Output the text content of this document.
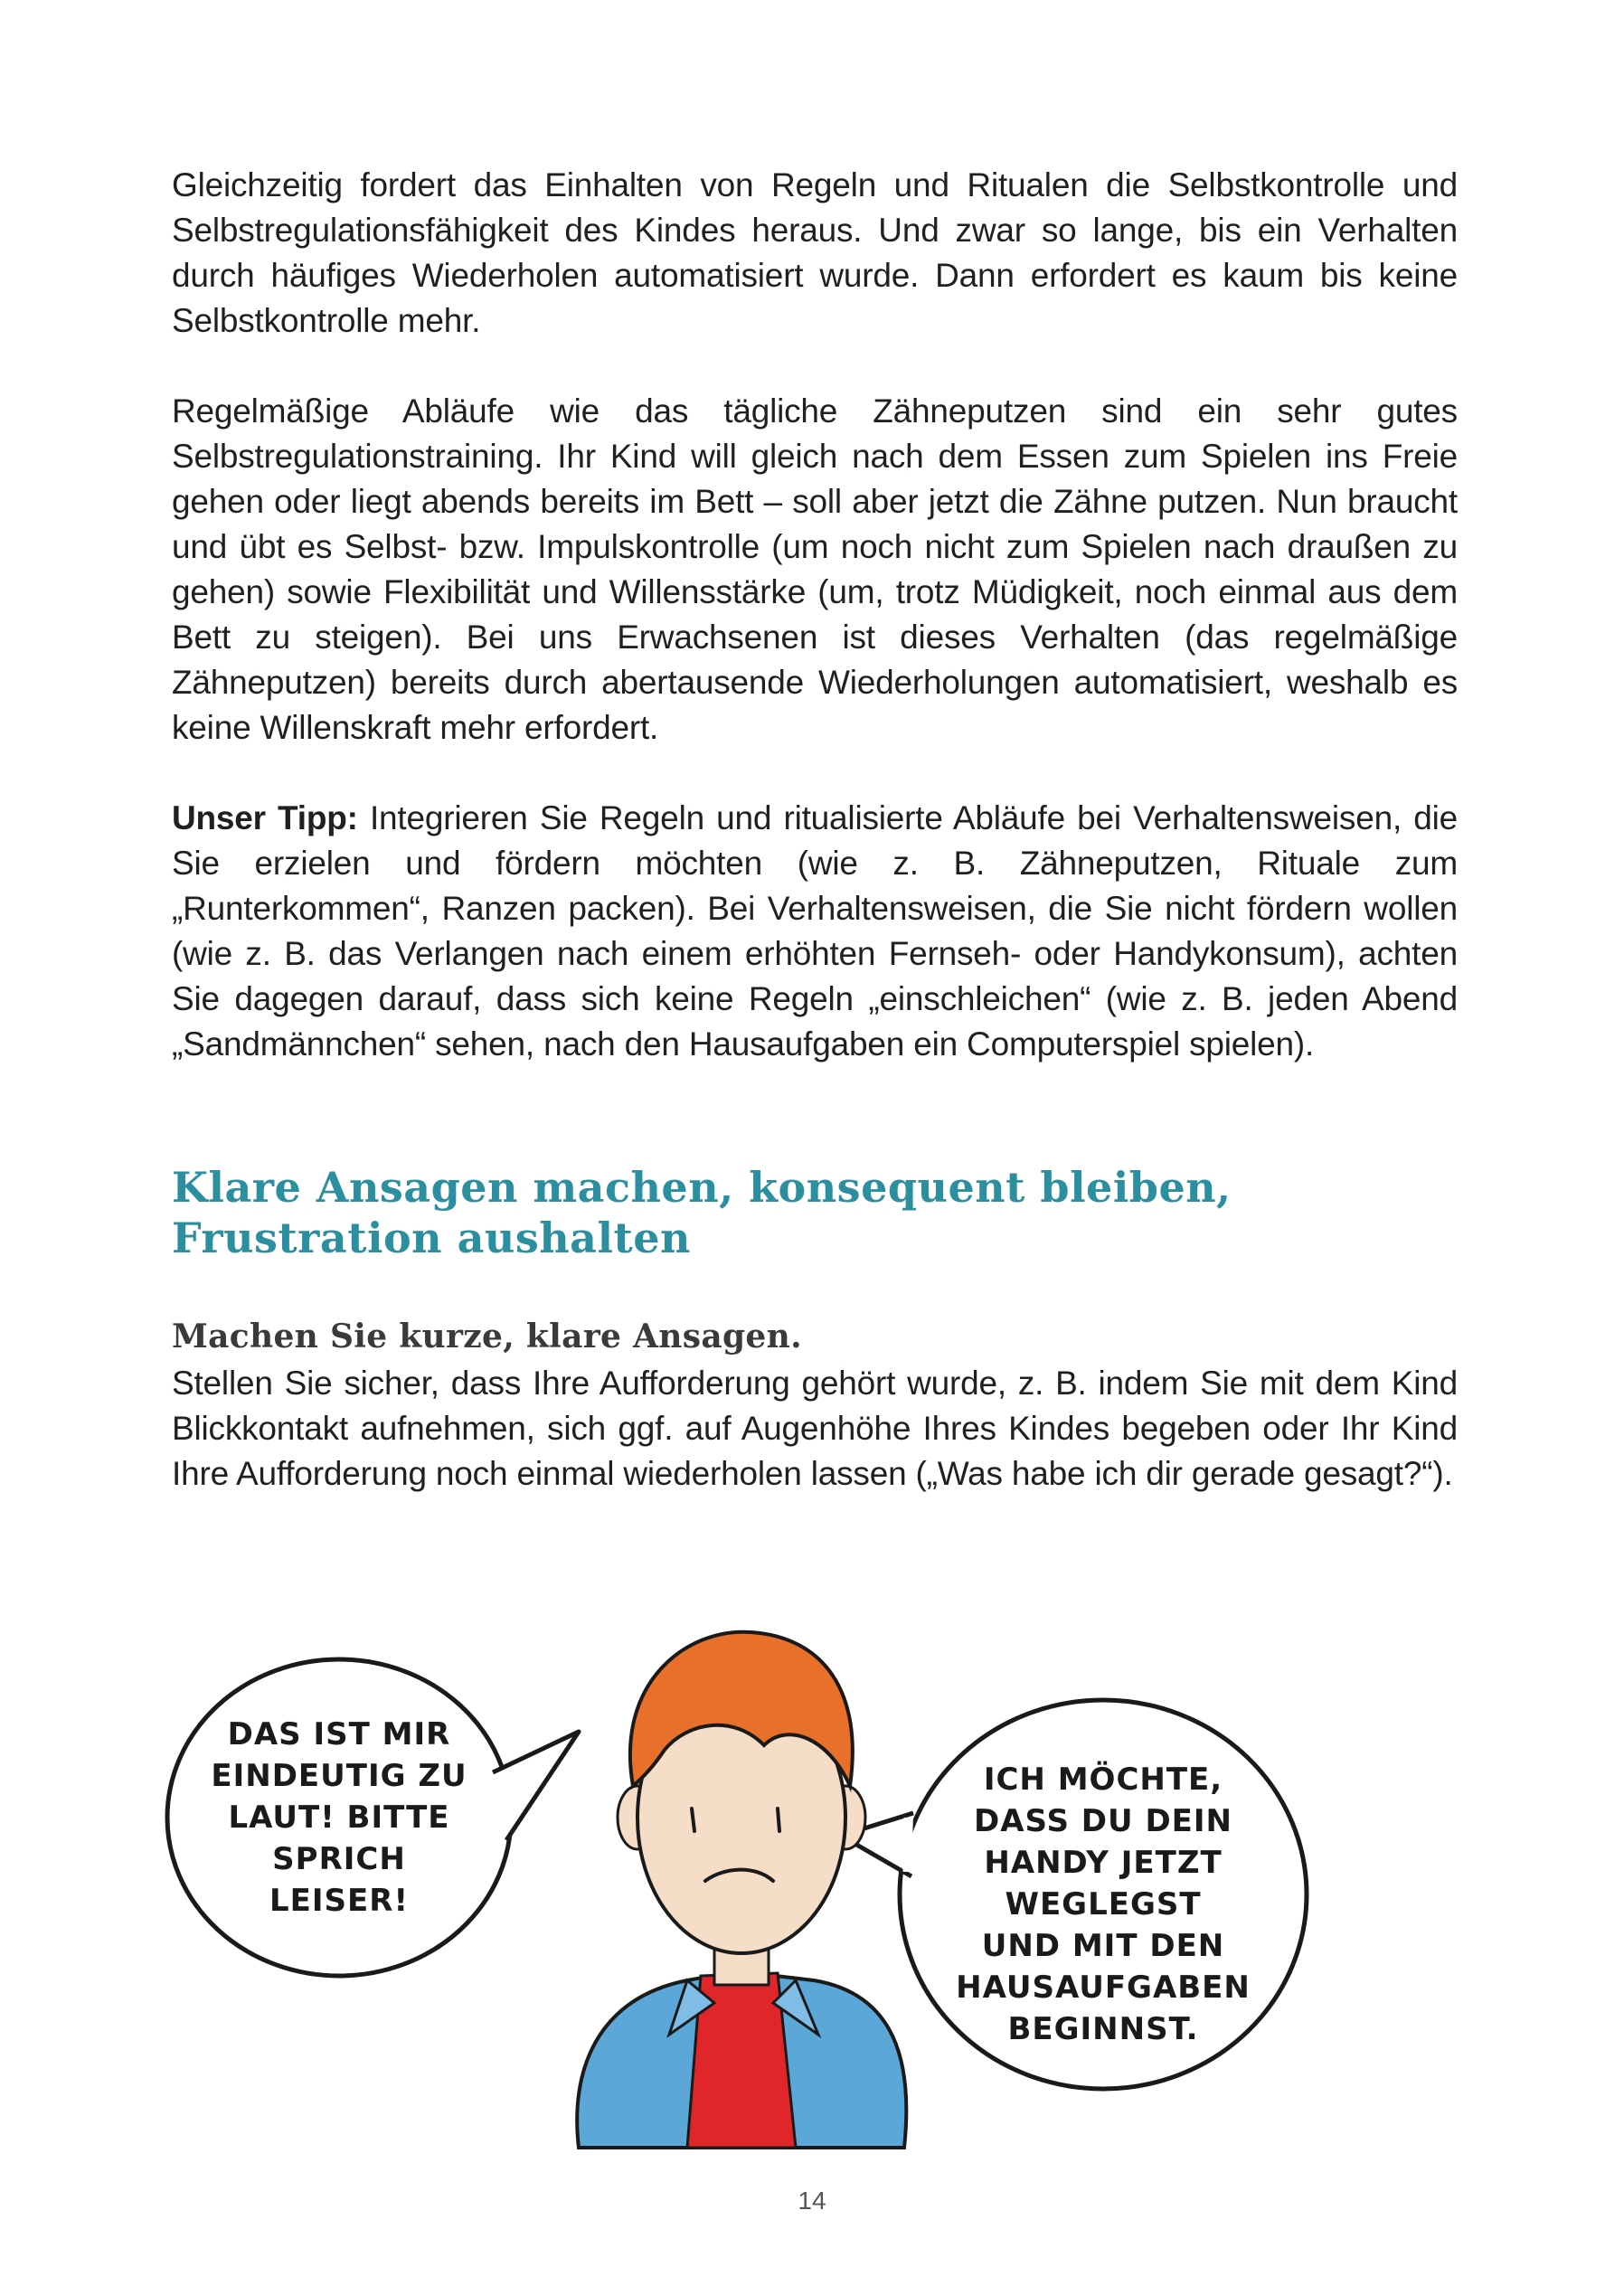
Gleichzeitig fordert das Einhalten von Regeln und Ritualen die Selbstkontrolle und Selbstregulationsfähigkeit des Kindes heraus. Und zwar so lange, bis ein Verhalten durch häufiges Wiederholen automatisiert wurde. Dann erfordert es kaum bis keine Selbstkontrolle mehr.

Regelmäßige Abläufe wie das tägliche Zähneputzen sind ein sehr gutes Selbstregulationstraining. Ihr Kind will gleich nach dem Essen zum Spielen ins Freie gehen oder liegt abends bereits im Bett – soll aber jetzt die Zähne putzen. Nun braucht und übt es Selbst- bzw. Impulskontrolle (um noch nicht zum Spielen nach draußen zu gehen) sowie Flexibilität und Willensstärke (um, trotz Müdigkeit, noch einmal aus dem Bett zu steigen). Bei uns Erwachsenen ist dieses Verhalten (das regelmäßige Zähneputzen) bereits durch abertausende Wiederholungen automatisiert, weshalb es keine Willenskraft mehr erfordert.

Unser Tipp: Integrieren Sie Regeln und ritualisierte Abläufe bei Verhaltensweisen, die Sie erzielen und fördern möchten (wie z. B. Zähneputzen, Rituale zum „Runterkommen“, Ranzen packen). Bei Verhaltensweisen, die Sie nicht fördern wollen (wie z. B. das Verlangen nach einem erhöhten Fernseh- oder Handykonsum), achten Sie dagegen darauf, dass sich keine Regeln „einschleichen“ (wie z. B. jeden Abend „Sandmännchen“ sehen, nach den Hausaufgaben ein Computerspiel spielen).

Klare Ansagen machen, konsequent bleiben,
Frustration aushalten
Machen Sie kurze, klare Ansagen.

Stellen Sie sicher, dass Ihre Aufforderung gehört wurde, z. B. indem Sie mit dem Kind Blickkontakt aufnehmen, sich ggf. auf Augenhöhe Ihres Kindes begeben oder Ihr Kind Ihre Aufforderung noch einmal wiederholen lassen („Was habe ich dir gerade gesagt?“).

DAS IST MIR
EINDEUTIG ZU
LAUT! BITTE
SPRICH
LEISER!

ICH MÖCHTE,
DASS DU DEIN
HANDY JETZT
WEGLEGST
UND MIT DEN
HAUSAUFGABEN
BEGINNST.

14
